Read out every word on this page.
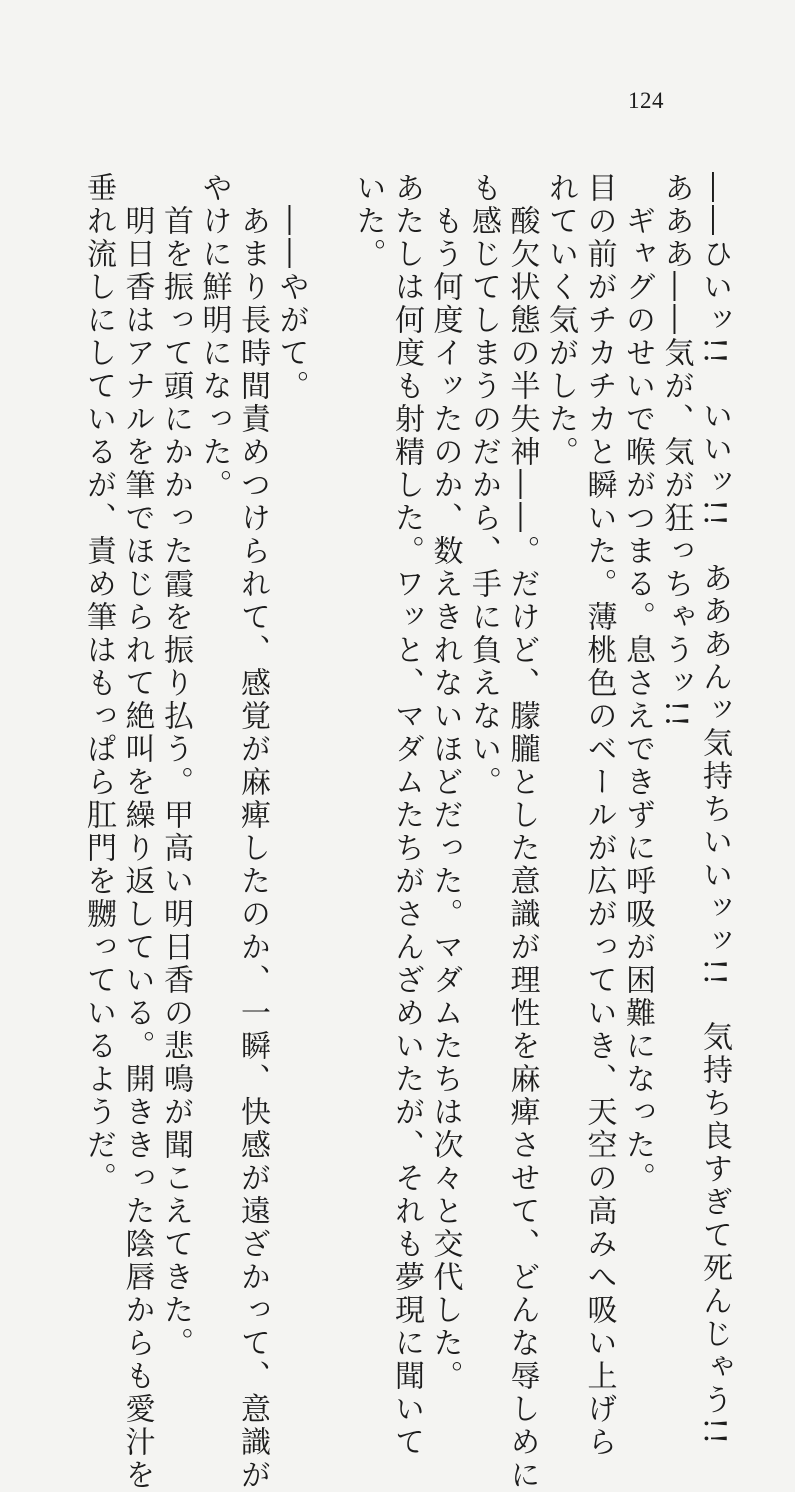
124
――ひいッ!!　いいッ!!　あああんッ気持ちいいッッ!!　気持ち良すぎて死んじゃう!!
あああ――気が、気が狂っちゃうッ!!
　ギャグのせいで喉がつまる。息さえできずに呼吸が困難になった。
目の前がチカチカと瞬いた。薄桃色のベールが広がっていき、天空の高みへ吸い上げら
れていく気がした。
　酸欠状態の半失神――。だけど、朦朧とした意識が理性を麻痺させて、どんな辱しめに
も感じてしまうのだから、手に負えない。
　もう何度イッたのか、数えきれないほどだった。マダムたちは次々と交代した。
あたしは何度も射精した。ワッと、マダムたちがさんざめいたが、それも夢現に聞いて
いた。

　――やがて。
　あまり長時間責めつけられて、感覚が麻痺したのか、一瞬、快感が遠ざかって、意識が
やけに鮮明になった。
　首を振って頭にかかった霞を振り払う。甲高い明日香の悲鳴が聞こえてきた。
　明日香はアナルを筆でほじられて絶叫を繰り返している。開ききった陰唇からも愛汁を
垂れ流しにしているが、責め筆はもっぱら肛門を嬲っているようだ。
